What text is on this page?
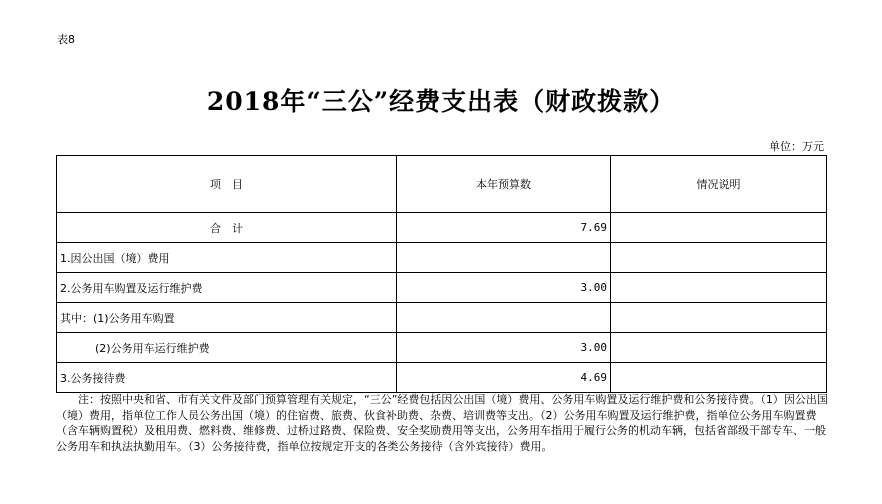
表8
2018年“三公”经费支出表（财政拨款）
单位：万元
项　目	本年预算数	情况说明
合　计	7.69	
1.因公出国（境）费用		
2.公务用车购置及运行维护费	3.00	
其中：(1)公务用车购置		
(2)公务用车运行维护费	3.00	
3.公务接待费	4.69	
注：按照中央和省、市有关文件及部门预算管理有关规定，“三公”经费包括因公出国（境）费用、公务用车购置及运行维护费和公务接待费。（1）因公出国（境）费用，指单位工作人员公务出国（境）的住宿费、旅费、伙食补助费、杂费、培训费等支出。（2）公务用车购置及运行维护费，指单位公务用车购置费（含车辆购置税）及租用费、燃料费、维修费、过桥过路费、保险费、安全奖励费用等支出，公务用车指用于履行公务的机动车辆，包括省部级干部专车、一般公务用车和执法执勤用车。（3）公务接待费，指单位按规定开支的各类公务接待（含外宾接待）费用。
